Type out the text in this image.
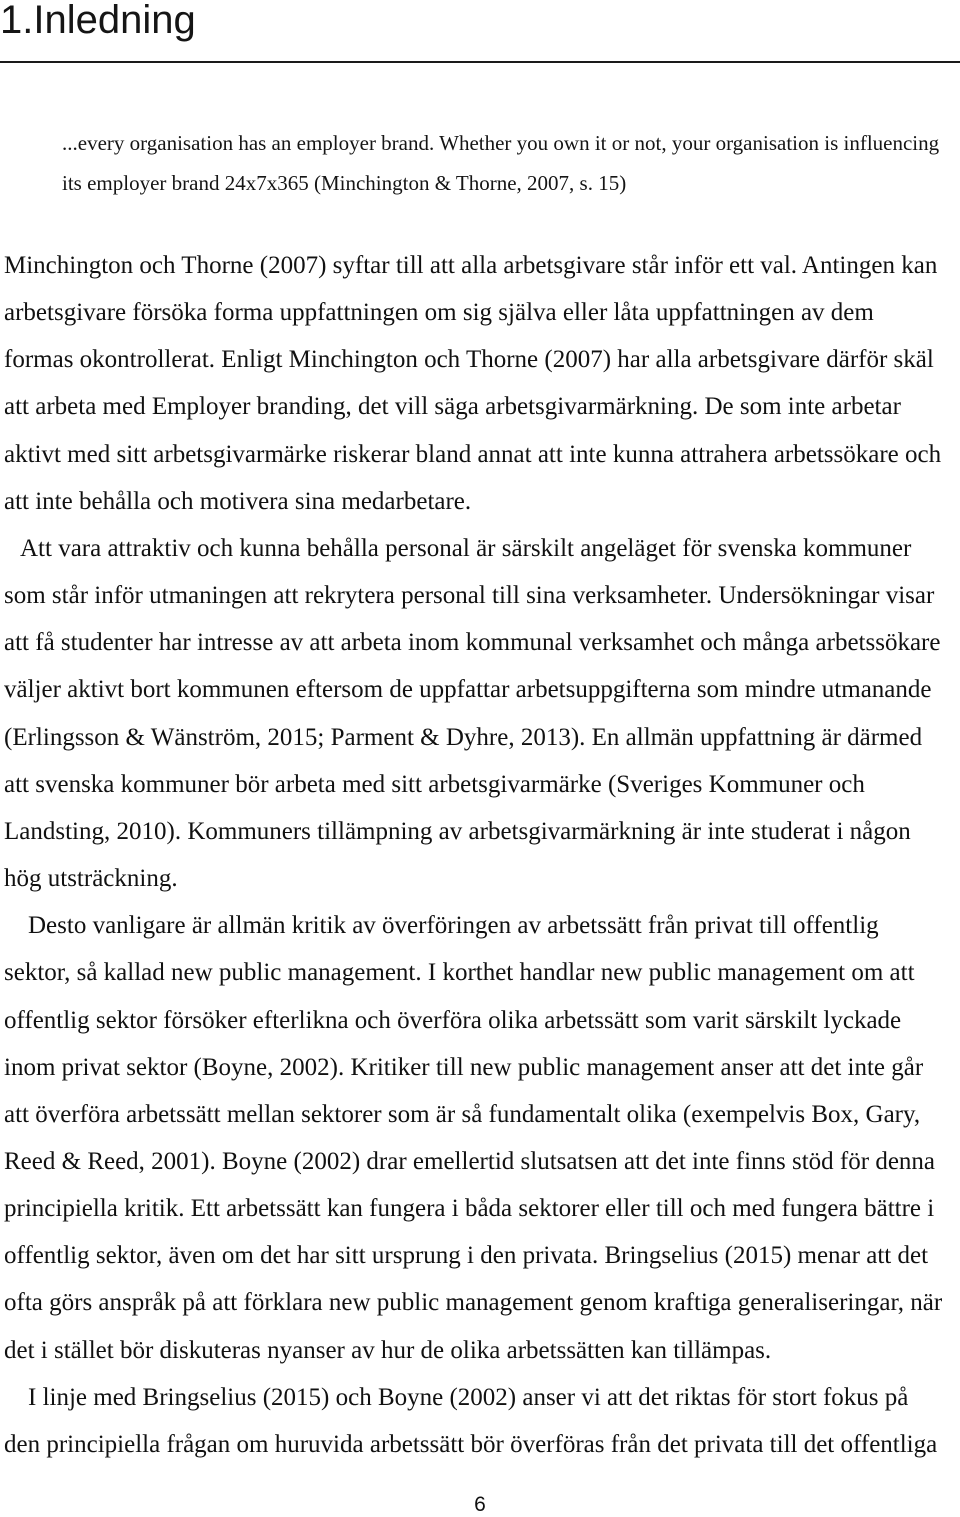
1.Inledning
...every organisation has an employer brand. Whether you own it or not, your organisation is influencing
its employer brand 24x7x365 (Minchington & Thorne, 2007, s. 15)
Minchington och Thorne (2007) syftar till att alla arbetsgivare står inför ett val. Antingen kan
arbetsgivare försöka forma uppfattningen om sig själva eller låta uppfattningen av dem
formas okontrollerat. Enligt Minchington och Thorne (2007) har alla arbetsgivare därför skäl
att arbeta med Employer branding, det vill säga arbetsgivarmärkning. De som inte arbetar
aktivt med sitt arbetsgivarmärke riskerar bland annat att inte kunna attrahera arbetssökare och
att inte behålla och motivera sina medarbetare.
Att vara attraktiv och kunna behålla personal är särskilt angeläget för svenska kommuner
som står inför utmaningen att rekrytera personal till sina verksamheter. Undersökningar visar
att få studenter har intresse av att arbeta inom kommunal verksamhet och många arbetssökare
väljer aktivt bort kommunen eftersom de uppfattar arbetsuppgifterna som mindre utmanande
(Erlingsson & Wänström, 2015; Parment & Dyhre, 2013). En allmän uppfattning är därmed
att svenska kommuner bör arbeta med sitt arbetsgivarmärke (Sveriges Kommuner och
Landsting, 2010). Kommuners tillämpning av arbetsgivarmärkning är inte studerat i någon
hög utsträckning.
Desto vanligare är allmän kritik av överföringen av arbetssätt från privat till offentlig
sektor, så kallad new public management. I korthet handlar new public management om att
offentlig sektor försöker efterlikna och överföra olika arbetssätt som varit särskilt lyckade
inom privat sektor (Boyne, 2002). Kritiker till new public management anser att det inte går
att överföra arbetssätt mellan sektorer som är så fundamentalt olika (exempelvis Box, Gary,
Reed & Reed, 2001). Boyne (2002) drar emellertid slutsatsen att det inte finns stöd för denna
principiella kritik. Ett arbetssätt kan fungera i båda sektorer eller till och med fungera bättre i
offentlig sektor, även om det har sitt ursprung i den privata. Bringselius (2015) menar att det
ofta görs anspråk på att förklara new public management genom kraftiga generaliseringar, när
det i stället bör diskuteras nyanser av hur de olika arbetssätten kan tillämpas.
I linje med Bringselius (2015) och Boyne (2002) anser vi att det riktas för stort fokus på
den principiella frågan om huruvida arbetssätt bör överföras från det privata till det offentliga
6
